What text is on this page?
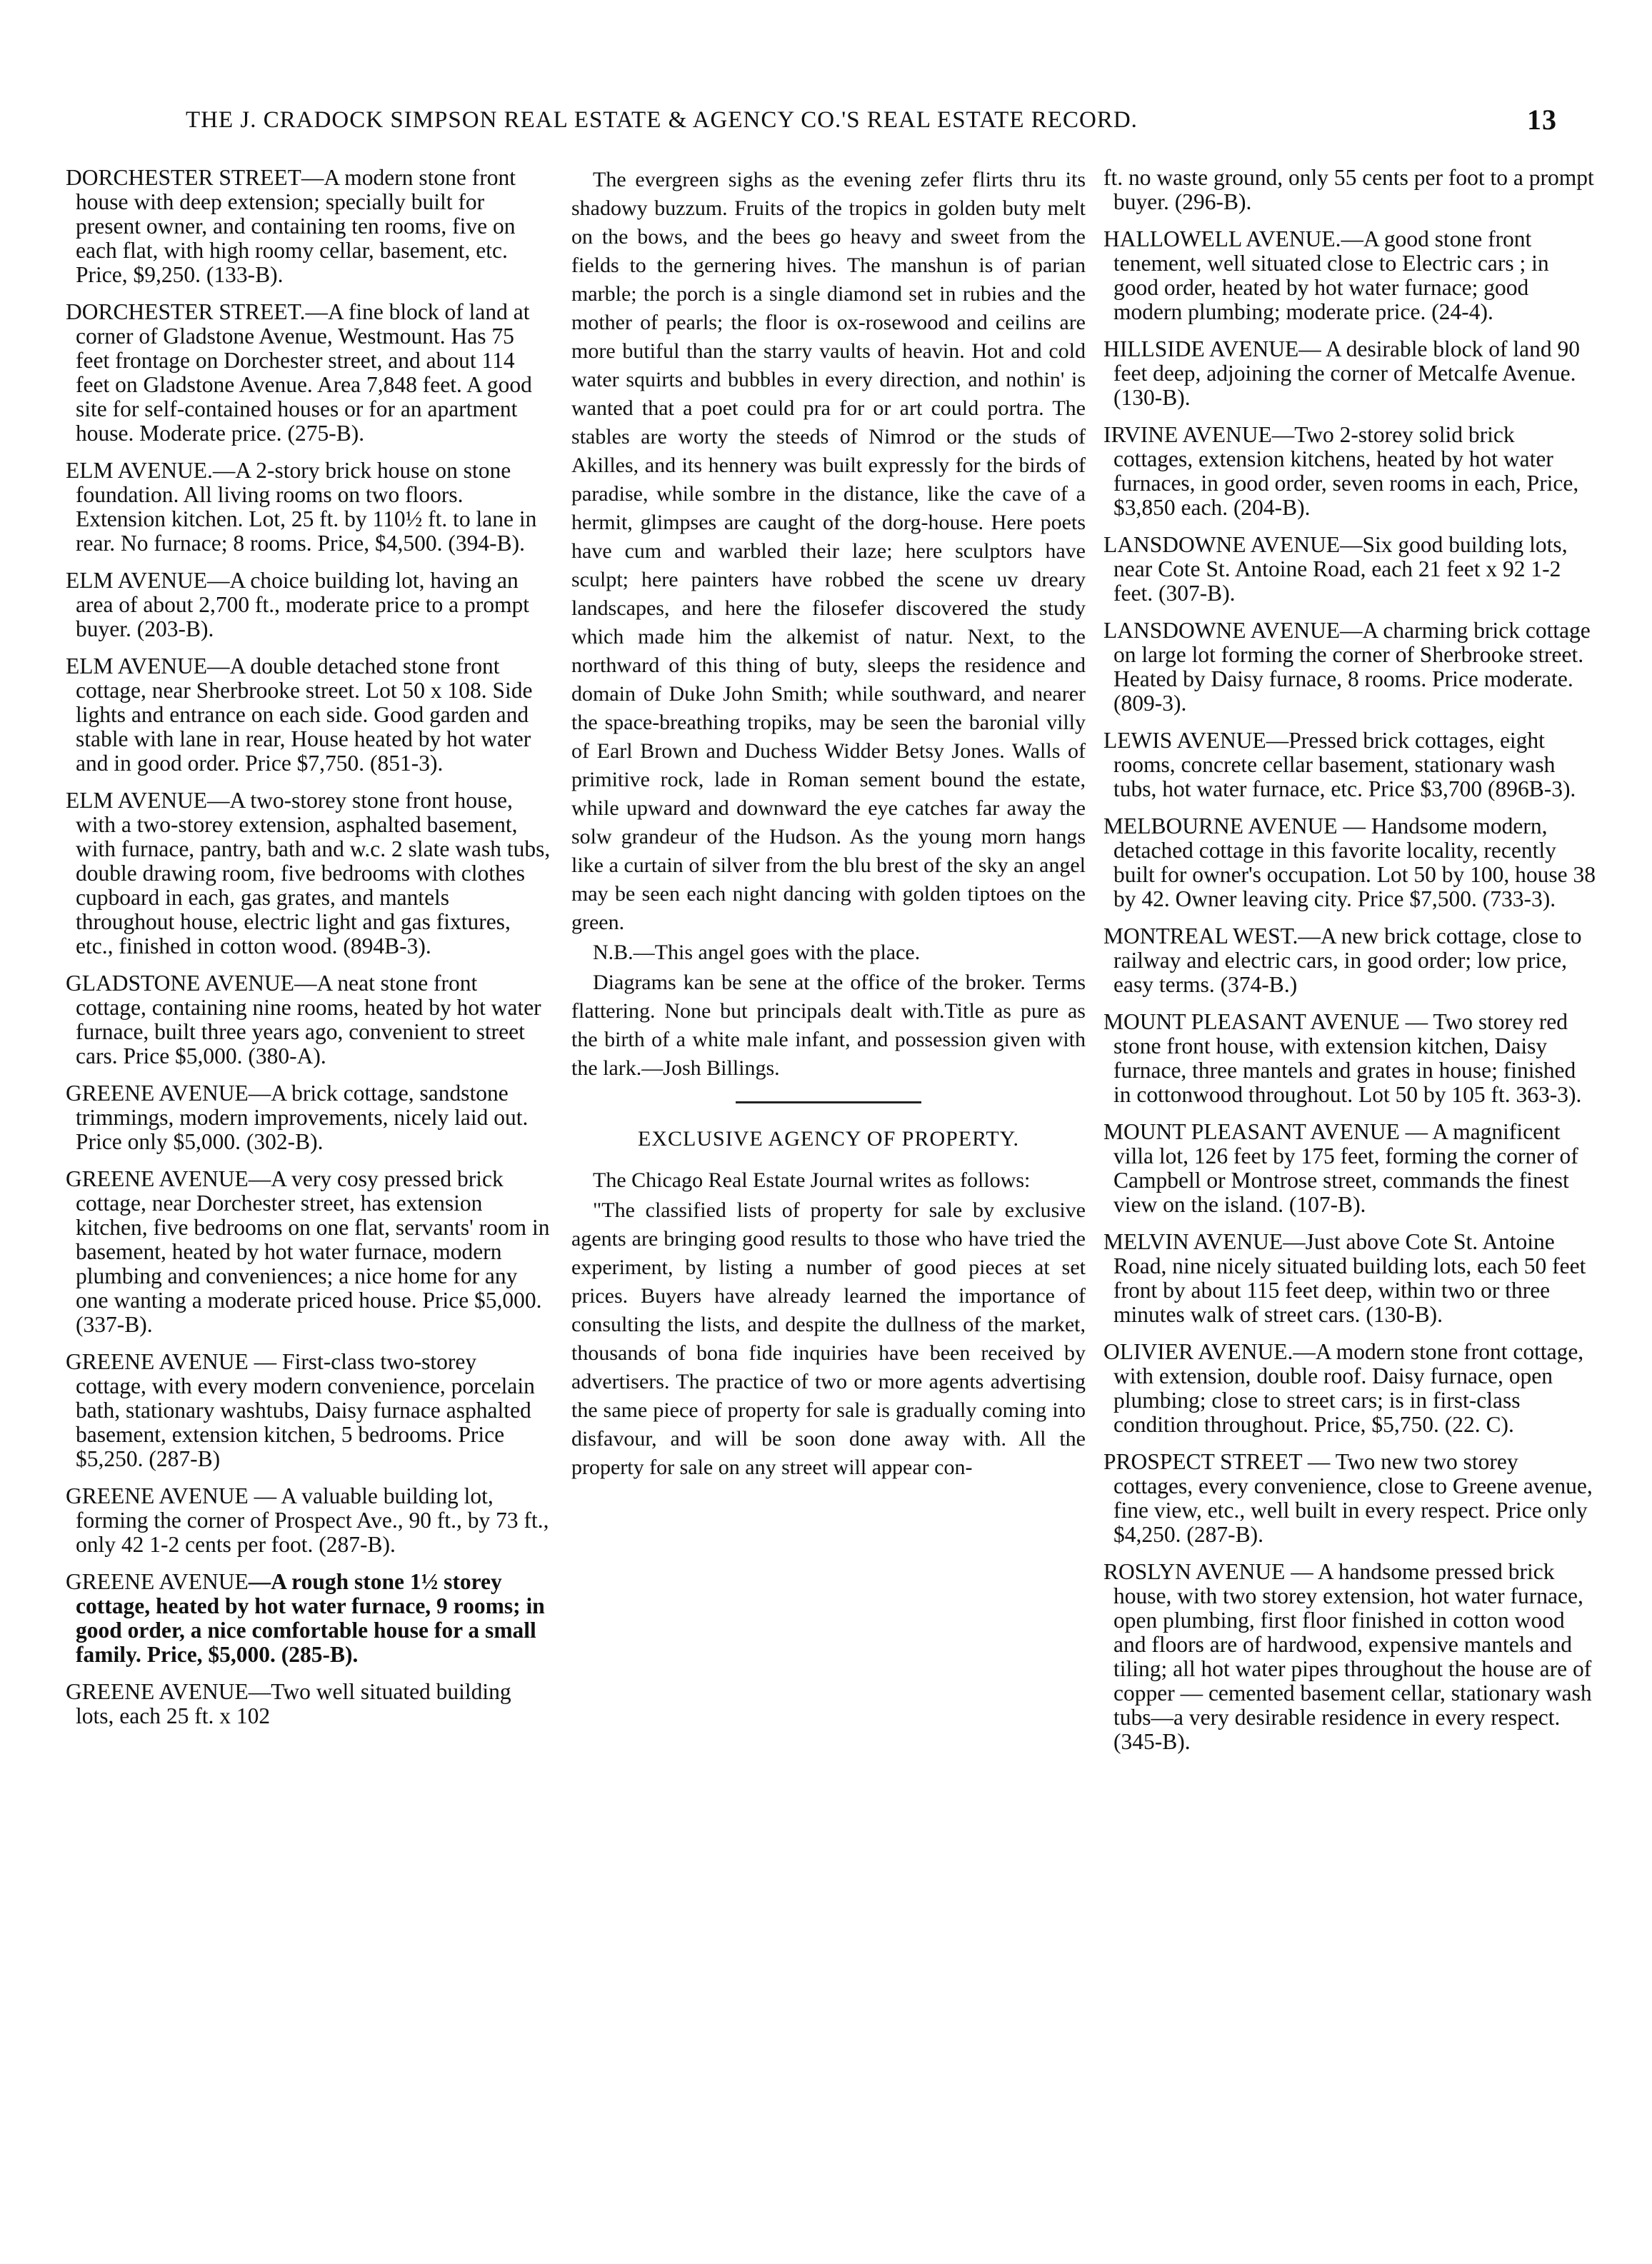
THE J. CRADOCK SIMPSON REAL ESTATE & AGENCY CO.'S REAL ESTATE RECORD.	13

DORCHESTER STREET—A modern stone front house with deep extension; specially built for present owner, and containing ten rooms, five on each flat, with high roomy cellar, basement, etc. Price, $9,250. (133-B).

DORCHESTER STREET.—A fine block of land at corner of Gladstone Avenue, Westmount. Has 75 feet frontage on Dorchester street, and about 114 feet on Gladstone Avenue. Area 7,848 feet. A good site for self-contained houses or for an apartment house. Moderate price. (275-B).

ELM AVENUE.—A 2-story brick house on stone foundation. All living rooms on two floors. Extension kitchen. Lot, 25 ft. by 110½ ft. to lane in rear. No furnace; 8 rooms. Price, $4,500. (394-B).

ELM AVENUE—A choice building lot, having an area of about 2,700 ft., moderate price to a prompt buyer. (203-B).

ELM AVENUE—A double detached stone front cottage, near Sherbrooke street. Lot 50 x 108. Side lights and entrance on each side. Good garden and stable with lane in rear, House heated by hot water and in good order. Price $7,750. (851-3).

ELM AVENUE—A two-storey stone front house, with a two-storey extension, asphalted basement, with furnace, pantry, bath and w.c. 2 slate wash tubs, double drawing room, five bedrooms with clothes cupboard in each, gas grates, and mantels throughout house, electric light and gas fixtures, etc., finished in cotton wood. (894B-3).

GLADSTONE AVENUE—A neat stone front cottage, containing nine rooms, heated by hot water furnace, built three years ago, convenient to street cars. Price $5,000. (380-A).

GREENE AVENUE—A brick cottage, sandstone trimmings, modern improvements, nicely laid out. Price only $5,000. (302-B).

GREENE AVENUE—A very cosy pressed brick cottage, near Dorchester street, has extension kitchen, five bedrooms on one flat, servants' room in basement, heated by hot water furnace, modern plumbing and conveniences; a nice home for any one wanting a moderate priced house. Price $5,000. (337-B).

GREENE AVENUE — First-class two-storey cottage, with every modern convenience, porcelain bath, stationary washtubs, Daisy furnace asphalted basement, extension kitchen, 5 bedrooms. Price $5,250. (287-B)

GREENE AVENUE — A valuable building lot, forming the corner of Prospect Ave., 90 ft., by 73 ft., only 42 1-2 cents per foot. (287-B).

GREENE AVENUE—A rough stone 1½ storey cottage, heated by hot water furnace, 9 rooms; in good order, a nice comfortable house for a small family. Price, $5,000. (285-B).

GREENE AVENUE—Two well situated building lots, each 25 ft. x 102

The evergreen sighs as the evening zefer flirts thru its shadowy buzzum. Fruits of the tropics in golden buty melt on the bows, and the bees go heavy and sweet from the fields to the gernering hives. The manshun is of parian marble; the porch is a single diamond set in rubies and the mother of pearls; the floor is ox-rosewood and ceilins are more butiful than the starry vaults of heavin. Hot and cold water squirts and bubbles in every direction, and nothin' is wanted that a poet could pra for or art could portra. The stables are worty the steeds of Nimrod or the studs of Akilles, and its hennery was built expressly for the birds of paradise, while sombre in the distance, like the cave of a hermit, glimpses are caught of the dorg-house. Here poets have cum and warbled their laze; here sculptors have sculpt; here painters have robbed the scene uv dreary landscapes, and here the filosefer discovered the study which made him the alkemist of natur. Next, to the northward of this thing of buty, sleeps the residence and domain of Duke John Smith; while southward, and nearer the space-breathing tropiks, may be seen the baronial villy of Earl Brown and Duchess Widder Betsy Jones. Walls of primitive rock, lade in Roman sement bound the estate, while upward and downward the eye catches far away the solw grandeur of the Hudson. As the young morn hangs like a curtain of silver from the blu brest of the sky an angel may be seen each night dancing with golden tiptoes on the green.

N.B.—This angel goes with the place.

Diagrams kan be sene at the office of the broker. Terms flattering. None but principals dealt with.Title as pure as the birth of a white male infant, and possession given with the lark.—Josh Billings.

EXCLUSIVE AGENCY OF PROPERTY.

The Chicago Real Estate Journal writes as follows:

"The classified lists of property for sale by exclusive agents are bringing good results to those who have tried the experiment, by listing a number of good pieces at set prices. Buyers have already learned the importance of consulting the lists, and despite the dullness of the market, thousands of bona fide inquiries have been received by advertisers. The practice of two or more agents advertising the same piece of property for sale is gradually coming into disfavour, and will be soon done away with. All the property for sale on any street will appear con-

ft. no waste ground, only 55 cents per foot to a prompt buyer. (296-B).

HALLOWELL AVENUE.—A good stone front tenement, well situated close to Electric cars ; in good order, heated by hot water furnace; good modern plumbing; moderate price. (24-4).

HILLSIDE AVENUE— A desirable block of land 90 feet deep, adjoining the corner of Metcalfe Avenue. (130-B).

IRVINE AVENUE—Two 2-storey solid brick cottages, extension kitchens, heated by hot water furnaces, in good order, seven rooms in each, Price, $3,850 each. (204-B).

LANSDOWNE AVENUE—Six good building lots, near Cote St. Antoine Road, each 21 feet x 92 1-2 feet. (307-B).

LANSDOWNE AVENUE—A charming brick cottage on large lot forming the corner of Sherbrooke street. Heated by Daisy furnace, 8 rooms. Price moderate. (809-3).

LEWIS AVENUE—Pressed brick cottages, eight rooms, concrete cellar basement, stationary wash tubs, hot water furnace, etc. Price $3,700 (896B-3).

MELBOURNE AVENUE — Handsome modern, detached cottage in this favorite locality, recently built for owner's occupation. Lot 50 by 100, house 38 by 42. Owner leaving city. Price $7,500. (733-3).

MONTREAL WEST.—A new brick cottage, close to railway and electric cars, in good order; low price, easy terms. (374-B.)

MOUNT PLEASANT AVENUE — Two storey red stone front house, with extension kitchen, Daisy furnace, three mantels and grates in house; finished in cottonwood throughout. Lot 50 by 105 ft. 363-3).

MOUNT PLEASANT AVENUE — A magnificent villa lot, 126 feet by 175 feet, forming the corner of Campbell or Montrose street, commands the finest view on the island. (107-B).

MELVIN AVENUE—Just above Cote St. Antoine Road, nine nicely situated building lots, each 50 feet front by about 115 feet deep, within two or three minutes walk of street cars. (130-B).

OLIVIER AVENUE.—A modern stone front cottage, with extension, double roof. Daisy furnace, open plumbing; close to street cars; is in first-class condition throughout. Price, $5,750. (22. C).

PROSPECT STREET — Two new two storey cottages, every convenience, close to Greene avenue, fine view, etc., well built in every respect. Price only $4,250. (287-B).

ROSLYN AVENUE — A handsome pressed brick house, with two storey extension, hot water furnace, open plumbing, first floor finished in cotton wood and floors are of hardwood, expensive mantels and tiling; all hot water pipes throughout the house are of copper — cemented basement cellar, stationary wash tubs—a very desirable residence in every respect. (345-B).
